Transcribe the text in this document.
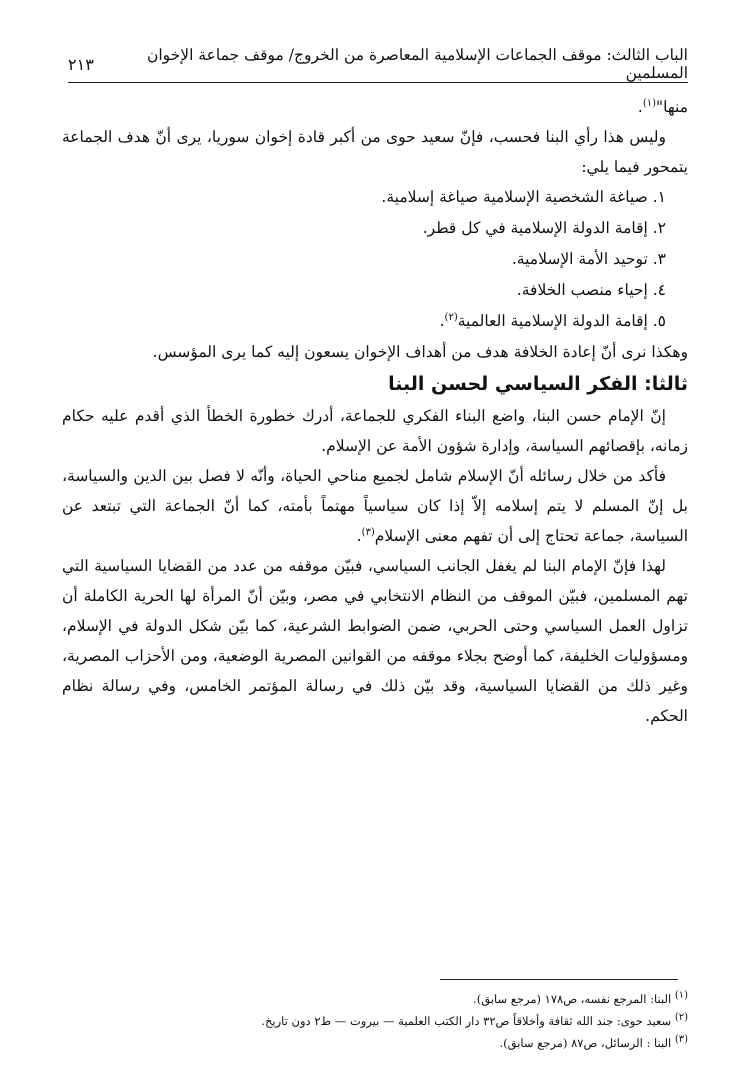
الباب الثالث: موقف الجماعات الإسلامية المعاصرة من الخروج/ موقف جماعة الإخوان المسلمين
٢١٣

منها"$^{(١)}$.

وليس هذا رأي البنا فحسب، فإنّ سعيد حوى من أكبر قادة إخوان سوريا، يرى أنّ هدف الجماعة يتمحور فيما يلي:

١. صياغة الشخصية الإسلامية صياغة إسلامية.
٢. إقامة الدولة الإسلامية في كل قطر.
٣. توحيد الأمة الإسلامية.
٤. إحياء منصب الخلافة.
٥. إقامة الدولة الإسلامية العالمية$^{(٢)}$.

وهكذا نرى أنّ إعادة الخلافة هدف من أهداف الإخوان يسعون إليه كما يرى المؤسس.

ثالثا: الفكر السياسي لحسن البنا

إنّ الإمام حسن البنا، واضع البناء الفكري للجماعة، أدرك خطورة الخطأ الذي أقدم عليه حكام زمانه، بإقصائهم السياسة، وإدارة شؤون الأمة عن الإسلام.

فأكد من خلال رسائله أنّ الإسلام شامل لجميع مناحي الحياة، وأنّه لا فصل بين الدين والسياسة، بل إنّ المسلم لا يتم إسلامه إلاّ إذا كان سياسياً مهتماً بأمته، كما أنّ الجماعة التي تبتعد عن السياسة، جماعة تحتاج إلى أن تفهم معنى الإسلام$^{(٣)}$.

لهذا فإنّ الإمام البنا لم يغفل الجانب السياسي، فبيّن موقفه من عدد من القضايا السياسية التي تهم المسلمين، فبيّن الموقف من النظام الانتخابي في مصر، وبيّن أنّ المرأة لها الحرية الكاملة أن تزاول العمل السياسي وحتى الحربي، ضمن الضوابط الشرعية، كما بيّن شكل الدولة في الإسلام، ومسؤوليات الخليفة، كما أوضح بجلاء موقفه من القوانين المصرية الوضعية، ومن الأحزاب المصرية، وغير ذلك من القضايا السياسية، وقد بيّن ذلك في رسالة المؤتمر الخامس، وفي رسالة نظام الحكم.

$^{(١)}$ البنا: المرجع نفسه، ص١٧٨ (مرجع سابق).

$^{(٢)}$ سعيد حوى: جند الله ثقافة وأخلاقاً ص٣٢ دار الكتب العلمية — بيروت — ط٢ دون تاريخ.

$^{(٣)}$ البنا : الرسائل، ص٨٧ (مرجع سابق).
